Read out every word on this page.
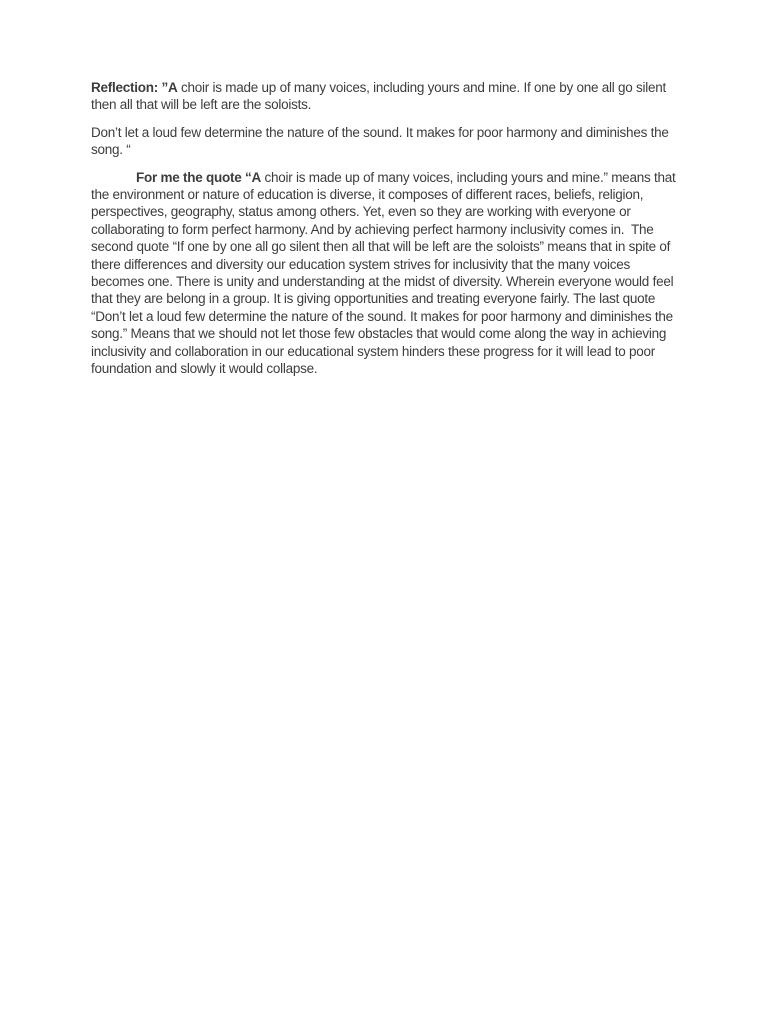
Reflection: ”A choir is made up of many voices, including yours and mine. If one by one all go silent then all that will be left are the soloists.

Don’t let a loud few determine the nature of the sound. It makes for poor harmony and diminishes the song. “

For me the quote “A choir is made up of many voices, including yours and mine.” means that the environment or nature of education is diverse, it composes of different races, beliefs, religion, perspectives, geography, status among others. Yet, even so they are working with everyone or collaborating to form perfect harmony. And by achieving perfect harmony inclusivity comes in.  The second quote “If one by one all go silent then all that will be left are the soloists” means that in spite of there differences and diversity our education system strives for inclusivity that the many voices becomes one. There is unity and understanding at the midst of diversity. Wherein everyone would feel that they are belong in a group. It is giving opportunities and treating everyone fairly. The last quote “Don’t let a loud few determine the nature of the sound. It makes for poor harmony and diminishes the song.” Means that we should not let those few obstacles that would come along the way in achieving inclusivity and collaboration in our educational system hinders these progress for it will lead to poor foundation and slowly it would collapse.
